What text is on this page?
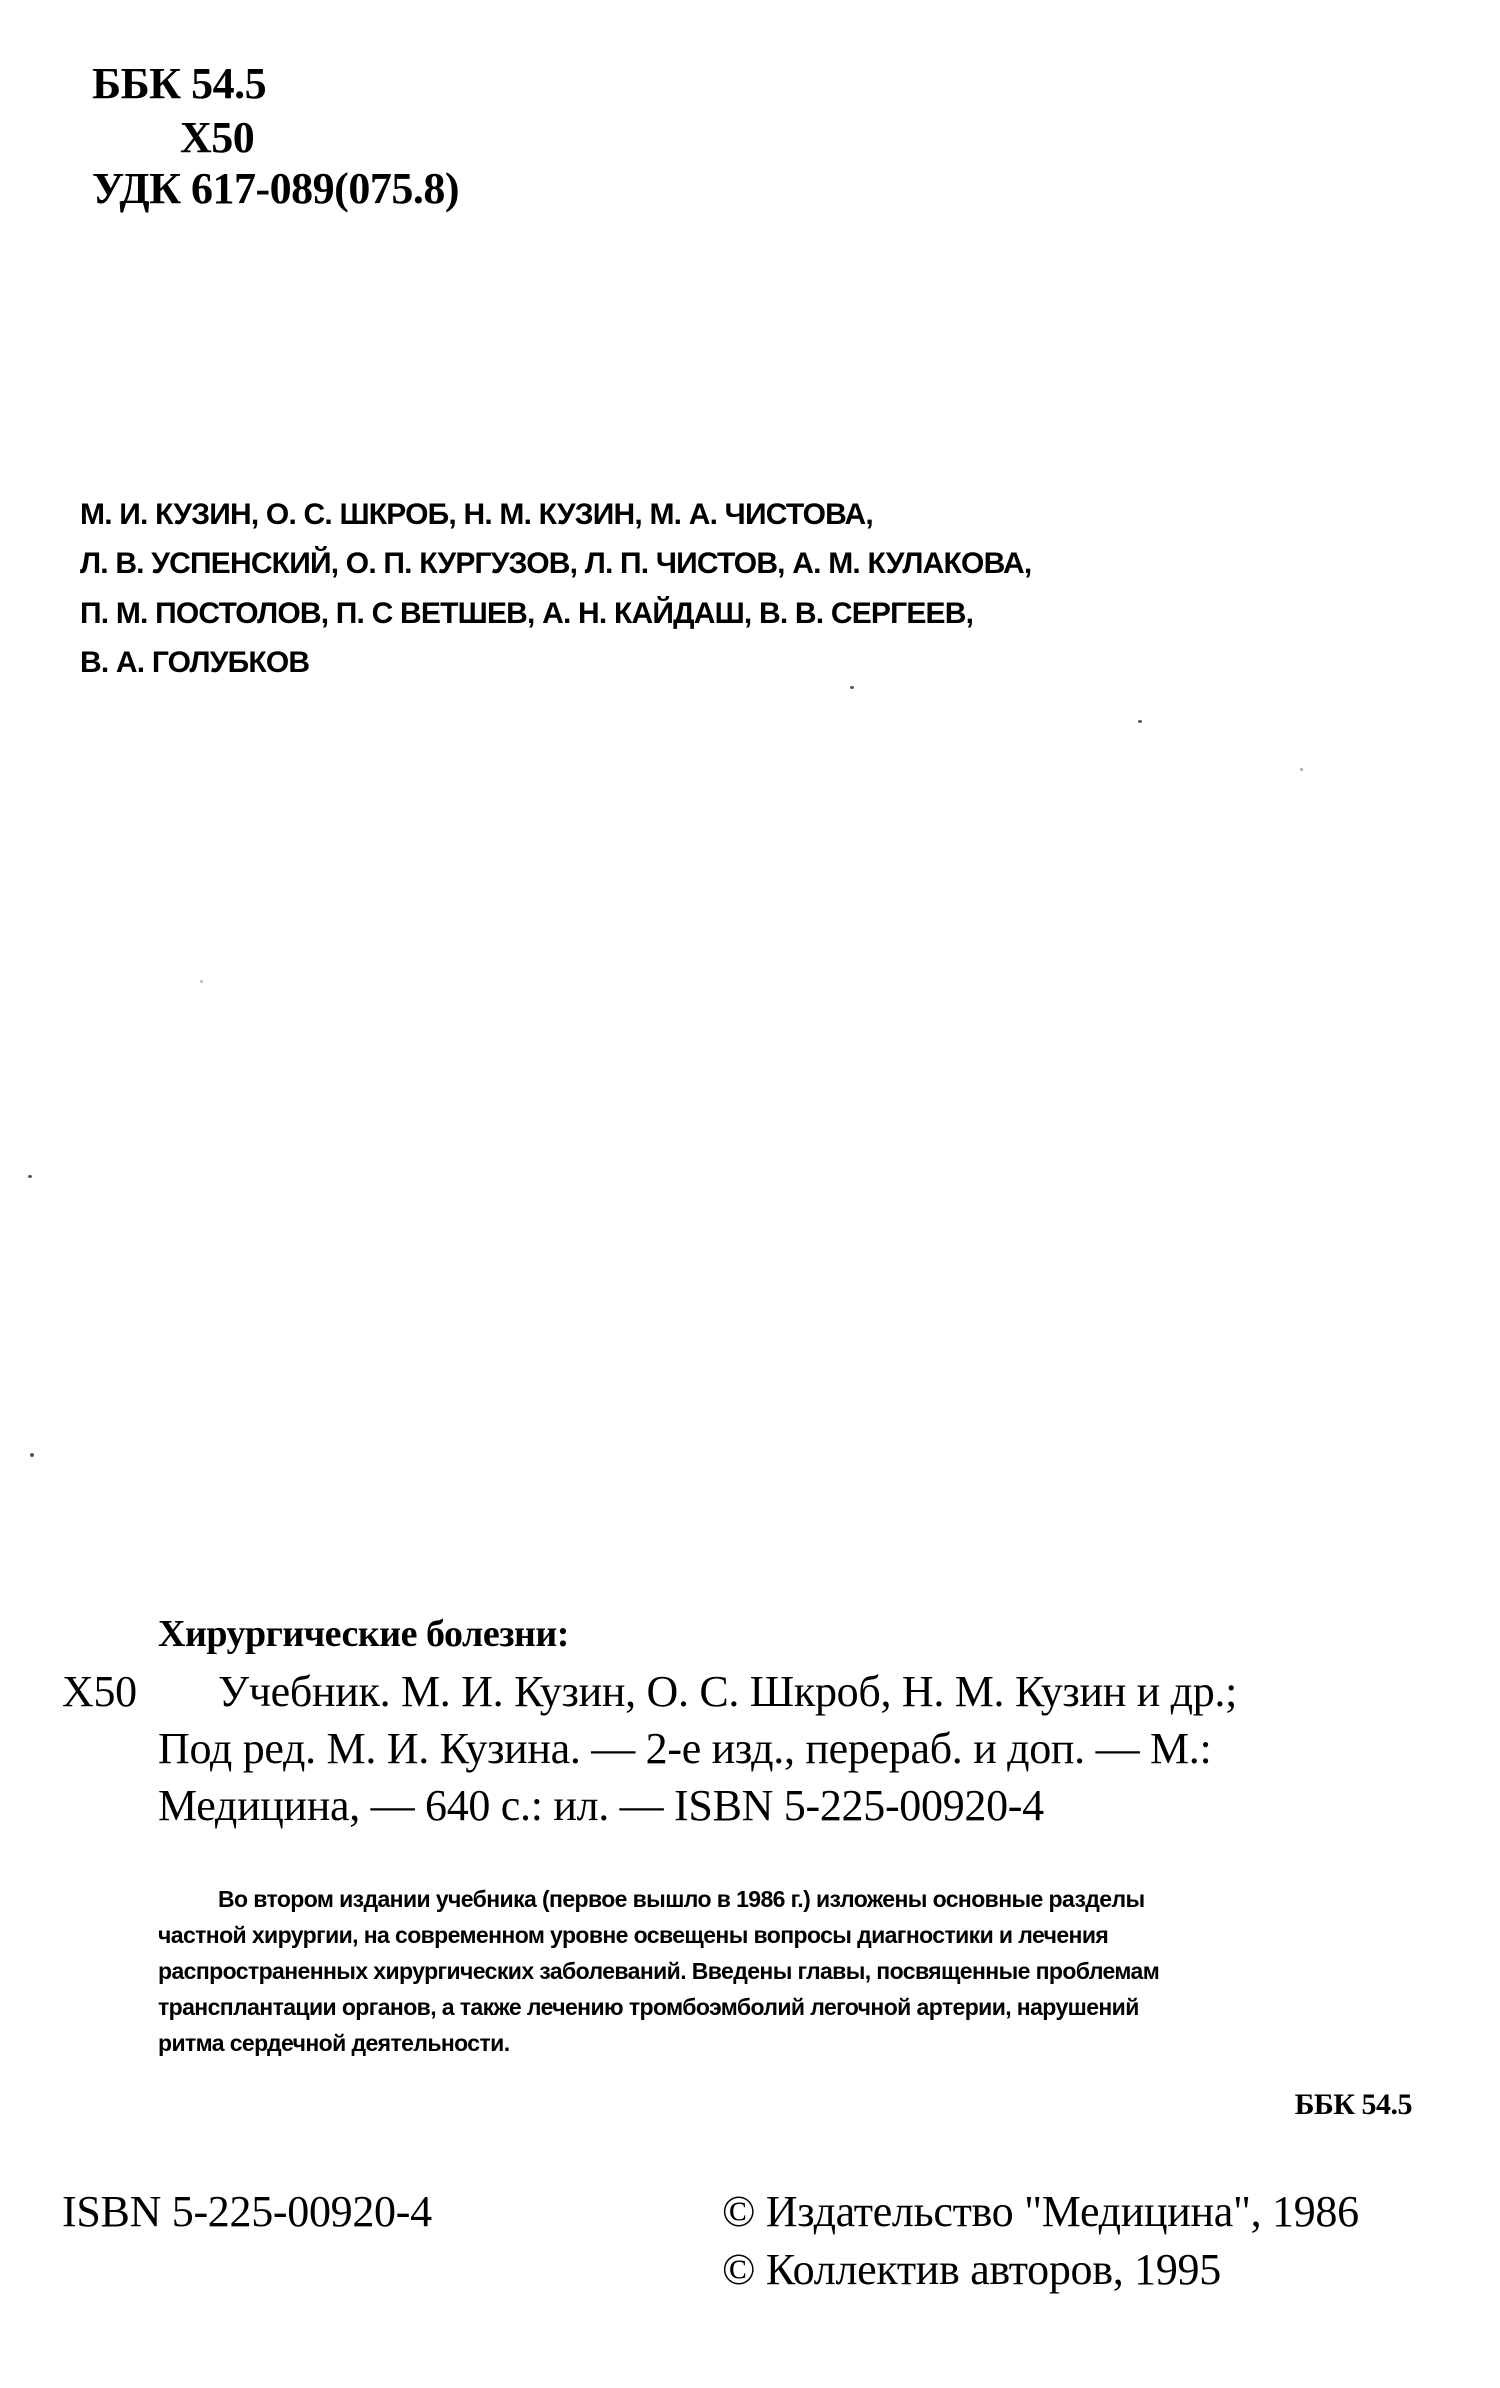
ББК 54.5
Х50
УДК 617-089(075.8)
М. И. КУЗИН, О. С. ШКРОБ, Н. М. КУЗИН, М. А. ЧИСТОВА,
Л. В. УСПЕНСКИЙ, О. П. КУРГУЗОВ, Л. П. ЧИСТОВ, А. М. КУЛАКОВА,
П. М. ПОСТОЛОВ, П. С ВЕТШЕВ, А. Н. КАЙДАШ, В. В. СЕРГЕЕВ,
В. А. ГОЛУБКОВ
Хирургические болезни:
Х50 Учебник. М. И. Кузин, О. С. Шкроб, Н. М. Кузин и др.;
Под ред. М. И. Кузина. — 2-е изд., перераб. и доп. — М.:
Медицина, — 640 с.: ил. — ISBN 5-225-00920-4
Во втором издании учебника (первое вышло в 1986 г.) изложены основные разделы
частной хирургии, на современном уровне освещены вопросы диагностики и лечения
распространенных хирургических заболеваний. Введены главы, посвященные проблемам
трансплантации органов, а также лечению тромбоэмболий легочной артерии, нарушений
ритма сердечной деятельности.
ББК 54.5
ISBN 5-225-00920-4	© Издательство "Медицина", 1986
© Коллектив авторов, 1995
